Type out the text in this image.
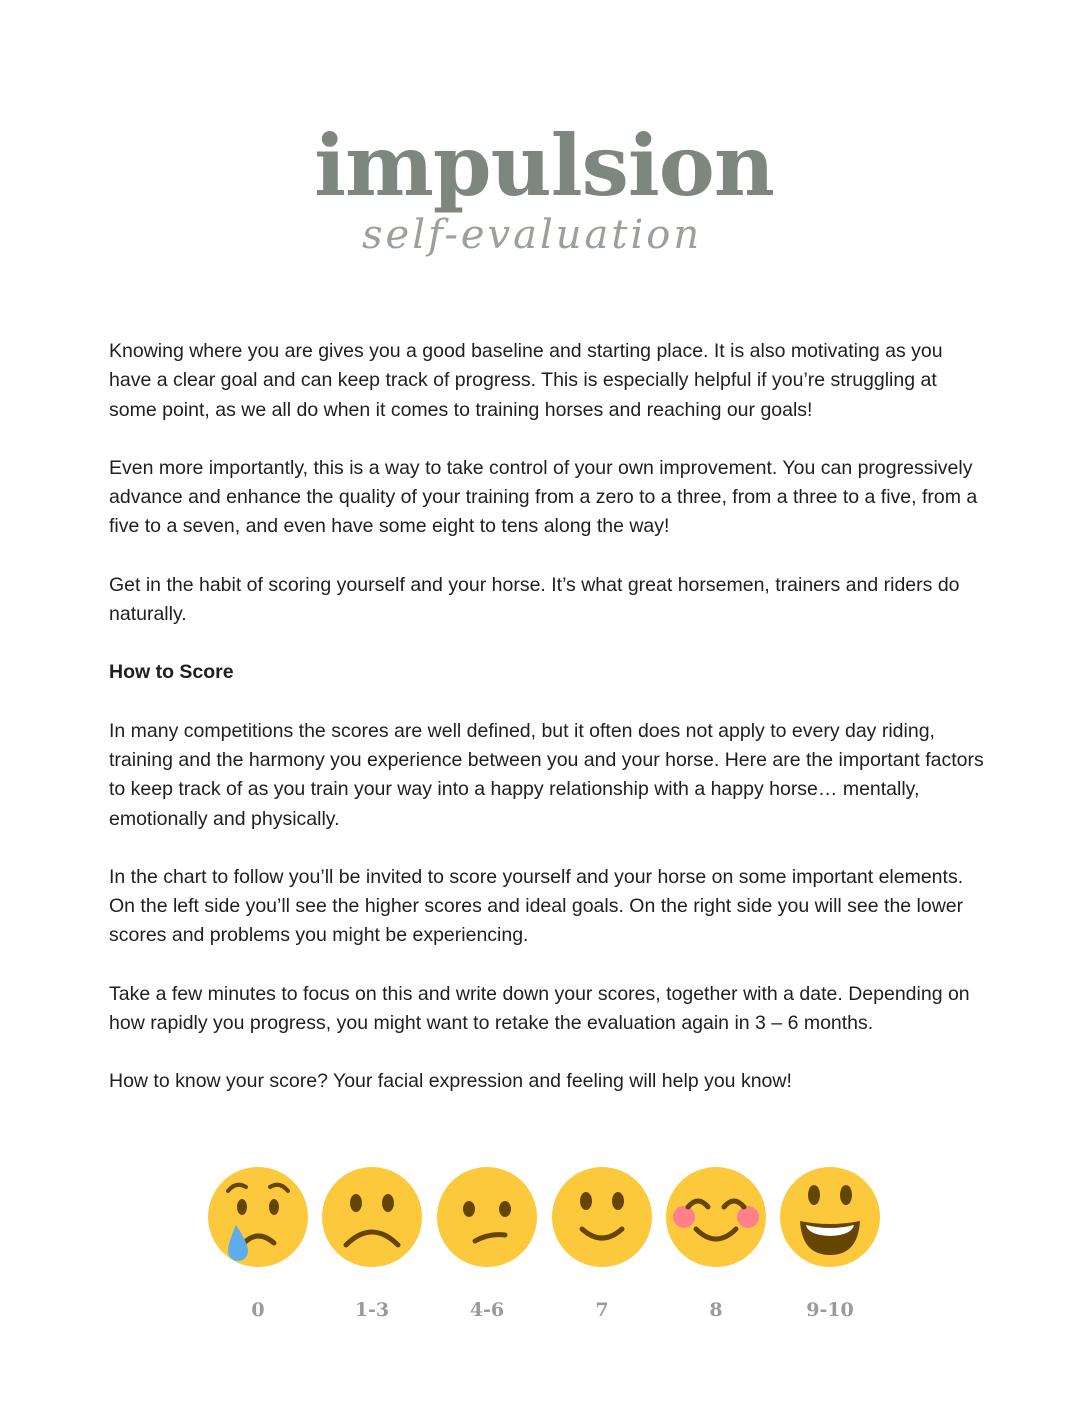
impulsion
self-evaluation

Knowing where you are gives you a good baseline and starting place. It is also motivating as you have a clear goal and can keep track of progress. This is especially helpful if you’re struggling at some point, as we all do when it comes to training horses and reaching our goals!

Even more importantly, this is a way to take control of your own improvement. You can progressively advance and enhance the quality of your training from a zero to a three, from a three to a five, from a five to a seven, and even have some eight to tens along the way!

Get in the habit of scoring yourself and your horse. It’s what great horsemen, trainers and riders do naturally.

How to Score

In many competitions the scores are well defined, but it often does not apply to every day riding, training and the harmony you experience between you and your horse. Here are the important factors to keep track of as you train your way into a happy relationship with a happy horse… mentally, emotionally and physically.

In the chart to follow you’ll be invited to score yourself and your horse on some important elements. On the left side you’ll see the higher scores and ideal goals. On the right side you will see the lower scores and problems you might be experiencing.

Take a few minutes to focus on this and write down your scores, together with a date. Depending on how rapidly you progress, you might want to retake the evaluation again in 3 – 6 months.

How to know your score? Your facial expression and feeling will help you know!

0	1-3	4-6	7	8	9-10
